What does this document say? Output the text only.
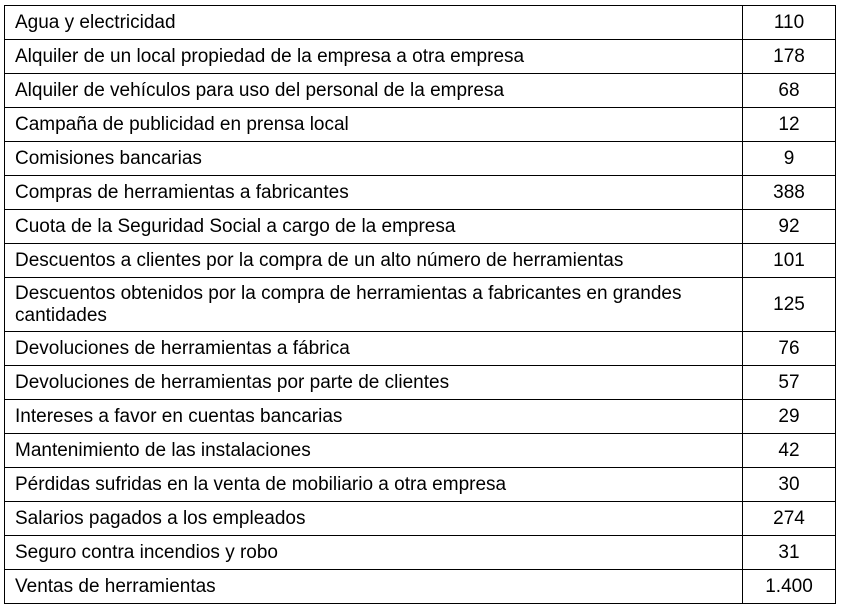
Agua y electricidad	110
Alquiler de un local propiedad de la empresa a otra empresa	178
Alquiler de vehículos para uso del personal de la empresa	68
Campaña de publicidad en prensa local	12
Comisiones bancarias	9
Compras de herramientas a fabricantes	388
Cuota de la Seguridad Social a cargo de la empresa	92
Descuentos a clientes por la compra de un alto número de herramientas	101
Descuentos obtenidos por la compra de herramientas a fabricantes en grandes cantidades	125
Devoluciones de herramientas a fábrica	76
Devoluciones de herramientas por parte de clientes	57
Intereses a favor en cuentas bancarias	29
Mantenimiento de las instalaciones	42
Pérdidas sufridas en la venta de mobiliario a otra empresa	30
Salarios pagados a los empleados	274
Seguro contra incendios y robo	31
Ventas de herramientas	1.400
